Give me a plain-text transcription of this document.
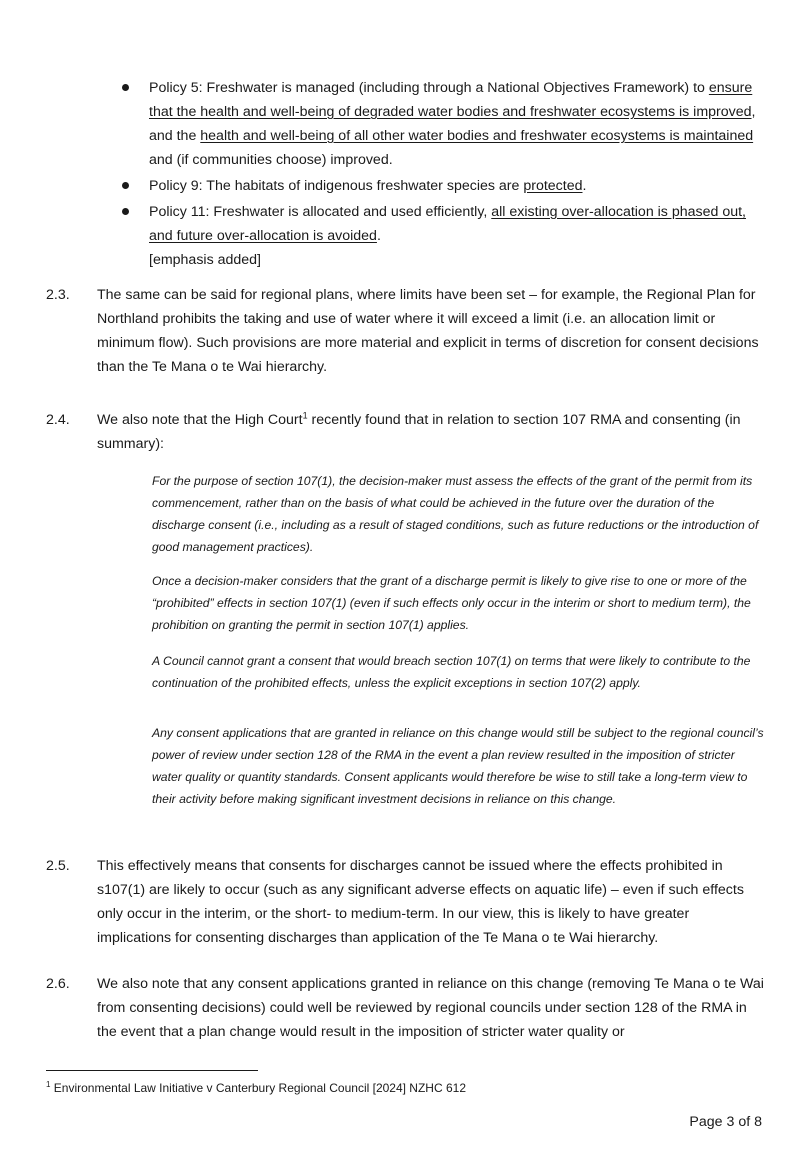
Policy 5: Freshwater is managed (including through a National Objectives Framework) to ensure that the health and well-being of degraded water bodies and freshwater ecosystems is improved, and the health and well-being of all other water bodies and freshwater ecosystems is maintained and (if communities choose) improved.
Policy 9: The habitats of indigenous freshwater species are protected.
Policy 11: Freshwater is allocated and used efficiently, all existing over-allocation is phased out, and future over-allocation is avoided.
[emphasis added]
2.3.	The same can be said for regional plans, where limits have been set – for example, the Regional Plan for Northland prohibits the taking and use of water where it will exceed a limit (i.e. an allocation limit or minimum flow). Such provisions are more material and explicit in terms of discretion for consent decisions than the Te Mana o te Wai hierarchy.
2.4.	We also note that the High Court$^1$ recently found that in relation to section 107 RMA and consenting (in summary):

For the purpose of section 107(1), the decision-maker must assess the effects of the grant of the permit from its commencement, rather than on the basis of what could be achieved in the future over the duration of the discharge consent (i.e., including as a result of staged conditions, such as future reductions or the introduction of good management practices).

Once a decision-maker considers that the grant of a discharge permit is likely to give rise to one or more of the “prohibited” effects in section 107(1) (even if such effects only occur in the interim or short to medium term), the prohibition on granting the permit in section 107(1) applies.

A Council cannot grant a consent that would breach section 107(1) on terms that were likely to contribute to the continuation of the prohibited effects, unless the explicit exceptions in section 107(2) apply.

Any consent applications that are granted in reliance on this change would still be subject to the regional council’s power of review under section 128 of the RMA in the event a plan review resulted in the imposition of stricter water quality or quantity standards. Consent applicants would therefore be wise to still take a long-term view to their activity before making significant investment decisions in reliance on this change.

2.5.	This effectively means that consents for discharges cannot be issued where the effects prohibited in s107(1) are likely to occur (such as any significant adverse effects on aquatic life) – even if such effects only occur in the interim, or the short- to medium-term. In our view, this is likely to have greater implications for consenting discharges than application of the Te Mana o te Wai hierarchy.
2.6.	We also note that any consent applications granted in reliance on this change (removing Te Mana o te Wai from consenting decisions) could well be reviewed by regional councils under section 128 of the RMA in the event that a plan change would result in the imposition of stricter water quality or
$^1$ Environmental Law Initiative v Canterbury Regional Council [2024] NZHC 612
Page 3 of 8
